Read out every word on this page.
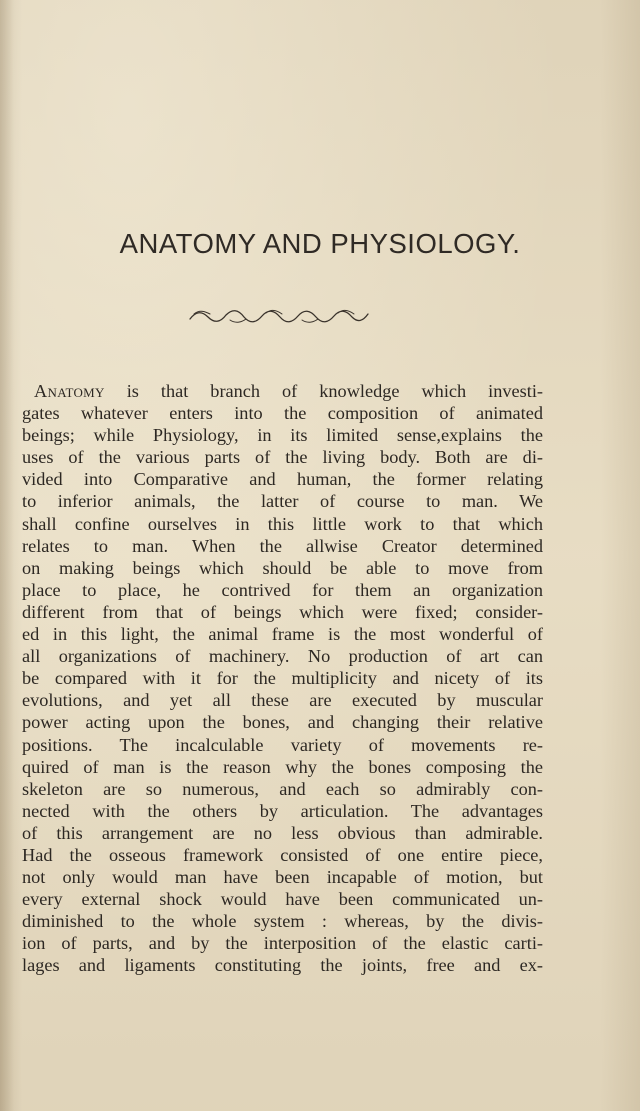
ANATOMY AND PHYSIOLOGY.
Anatomy is that branch of knowledge which investi-
gates whatever enters into the composition of animated
beings; while Physiology, in its limited sense,explains the
uses of the various parts of the living body. Both are di-
vided into Comparative and human, the former relating
to inferior animals, the latter of course to man. We
shall confine ourselves in this little work to that which
relates to man. When the allwise Creator determined
on making beings which should be able to move from
place to place, he contrived for them an organization
different from that of beings which were fixed; consider-
ed in this light, the animal frame is the most wonderful of
all organizations of machinery. No production of art can
be compared with it for the multiplicity and nicety of its
evolutions, and yet all these are executed by muscular
power acting upon the bones, and changing their relative
positions. The incalculable variety of movements re-
quired of man is the reason why the bones composing the
skeleton are so numerous, and each so admirably con-
nected with the others by articulation. The advantages
of this arrangement are no less obvious than admirable.
Had the osseous framework consisted of one entire piece,
not only would man have been incapable of motion, but
every external shock would have been communicated un-
diminished to the whole system : whereas, by the divis-
ion of parts, and by the interposition of the elastic carti-
lages and ligaments constituting the joints, free and ex-
